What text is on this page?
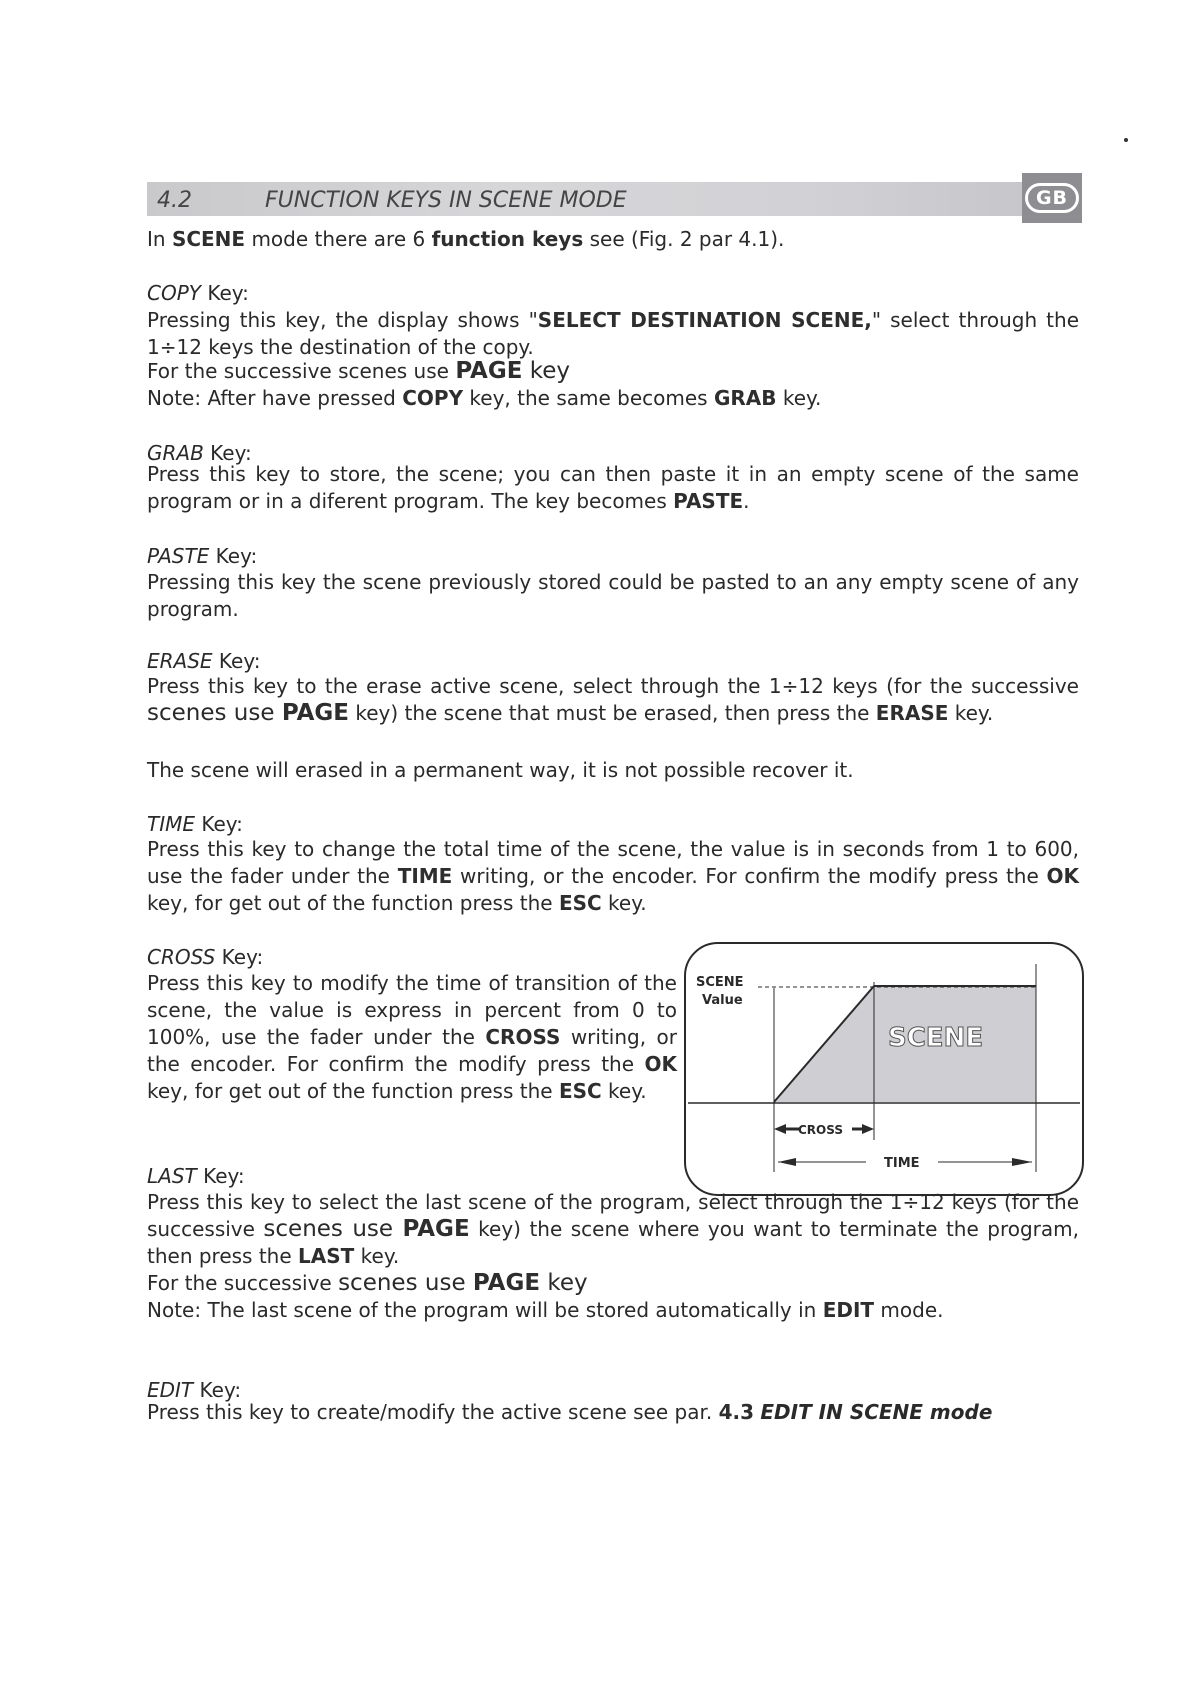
4.2	FUNCTION KEYS IN SCENE MODE	GB

In SCENE mode there are 6 function keys see (Fig. 2 par 4.1).

COPY Key:

Pressing this key, the display shows "SELECT DESTINATION SCENE," select through the 1÷12 keys the destination of the copy.

For the successive scenes use PAGE key

Note: After have pressed COPY key, the same becomes GRAB key.

GRAB Key:

Press this key to store, the scene; you can then paste it in an empty scene of the same program or in a diferent program. The key becomes PASTE.

PASTE Key:

Pressing this key the scene previously stored could be pasted to an any empty scene of any program.

ERASE Key:

Press this key to the erase active scene, select through the 1÷12 keys (for the successive scenes use PAGE key) the scene that must be erased, then press the ERASE key.

The scene will erased in a permanent way, it is not possible recover it.

TIME Key:

Press this key to change the total time of the scene, the value is in seconds from 1 to 600, use the fader under the TIME writing, or the encoder. For confirm the modify press the OK key, for get out of the function press the ESC key.

CROSS Key:

Press this key to modify the time of transition of the scene, the value is express in percent from 0 to 100%, use the fader under the CROSS writing, or the encoder. For confirm the modify press the OK key, for get out of the function press the ESC key.

SCENE
Value
SCENE
CROSS
TIME

LAST Key:

Press this key to select the last scene of the program, select through the 1÷12 keys (for the successive scenes use PAGE key) the scene where you want to terminate the program, then press the LAST key.

For the successive scenes use PAGE key

Note: The last scene of the program will be stored automatically in EDIT mode.

EDIT Key:

Press this key to create/modify the active scene see par. 4.3 EDIT IN SCENE mode
